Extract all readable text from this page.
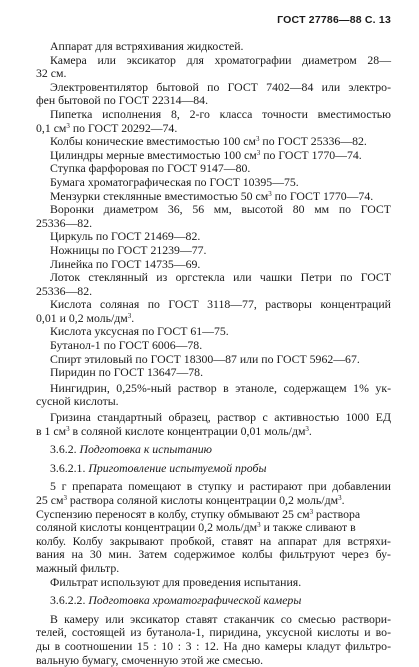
ГОСТ 27786—88 С. 13
Аппарат для встряхивания жидкостей.
Камера или эксикатор для хроматографии диаметром 28—
32 см.
Электровентилятор бытовой по ГОСТ 7402—84 или электро-
фен бытовой по ГОСТ 22314—84.
Пипетка исполнения 8, 2-го класса точности вместимостью
0,1 $см^3$ по ГОСТ 20292—74.
Колбы конические вместимостью 100 $см^3$ по ГОСТ 25336—82.
Цилиндры мерные вместимостью 100 $см^3$ по ГОСТ 1770—74.
Ступка фарфоровая по ГОСТ 9147—80.
Бумага хроматографическая по ГОСТ 10395—75.
Мензурки стеклянные вместимостью 50 $см^3$ по ГОСТ 1770—74.
Воронки диаметром 36, 56 мм, высотой 80 мм по ГОСТ
25336—82.
Циркуль по ГОСТ 21469—82.
Ножницы по ГОСТ 21239—77.
Линейка по ГОСТ 14735—69.
Лоток стеклянный из оргстекла или чашки Петри по ГОСТ
25336—82.
Кислота соляная по ГОСТ 3118—77, растворы концентраций
0,01 и 0,2 моль/$дм^3$.
Кислота уксусная по ГОСТ 61—75.
Бутанол-1 по ГОСТ 6006—78.
Спирт этиловый по ГОСТ 18300—87 или по ГОСТ 5962—67.
Пиридин по ГОСТ 13647—78.
Нингидрин, 0,25%-ный раствор в этаноле, содержащем 1% ук-
сусной кислоты.
Гризина стандартный образец, раствор с активностью 1000 ЕД
в 1 $см^3$ в соляной кислоте концентрации 0,01 моль/$дм^3$.
3.6.2. Подготовка к испытанию
3.6.2.1. Приготовление испытуемой пробы
5 г препарата помещают в ступку и растирают при добавлении
25 $см^3$ раствора соляной кислоты концентрации 0,2 моль/$дм^3$.
Суспензию переносят в колбу, ступку обмывают 25 $см^3$ раствора
соляной кислоты концентрации 0,2 моль/$дм^3$ и также сливают в
колбу. Колбу закрывают пробкой, ставят на аппарат для встряхи-
вания на 30 мин. Затем содержимое колбы фильтруют через бу-
мажный фильтр.
Фильтрат используют для проведения испытания.
3.6.2.2. Подготовка хроматографической камеры
В камеру или эксикатор ставят стаканчик со смесью раствори-
телей, состоящей из бутанола-1, пиридина, уксусной кислоты и во-
ды в соотношении 15 : 10 : 3 : 12. На дно камеры кладут фильтро-
вальную бумагу, смоченную этой же смесью.
